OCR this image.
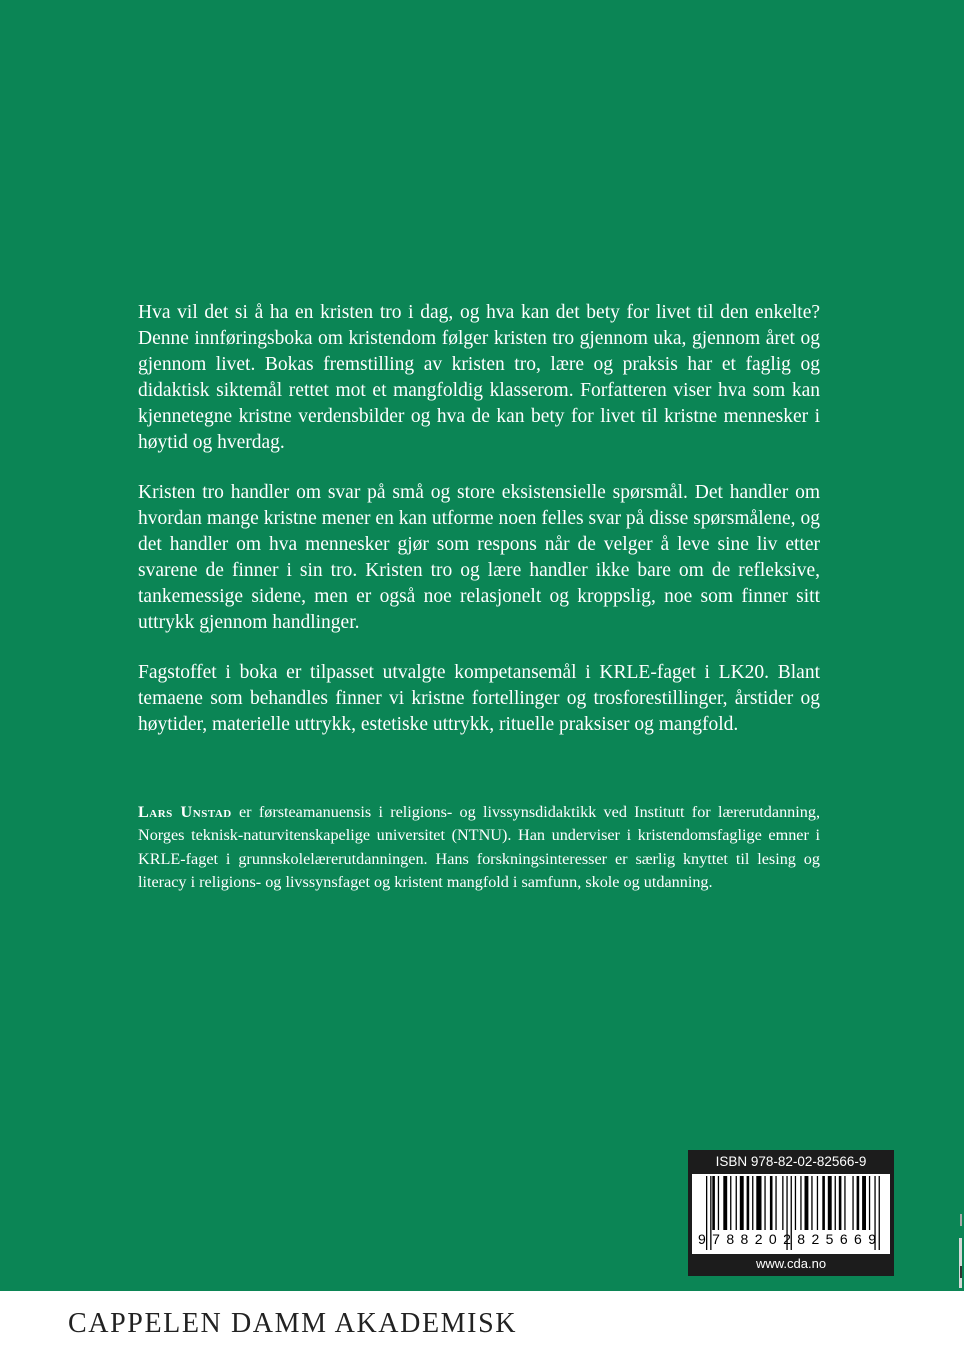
Hva vil det si å ha en kristen tro i dag, og hva kan det bety for livet til den enkelte? Denne innføringsboka om kristendom følger kristen tro gjennom uka, gjennom året og gjennom livet. Bokas fremstilling av kristen tro, lære og praksis har et faglig og didaktisk siktemål rettet mot et mangfoldig klasserom. Forfatteren viser hva som kan kjennetegne kristne verdensbilder og hva de kan bety for livet til kristne mennesker i høytid og hverdag.

Kristen tro handler om svar på små og store eksistensielle spørsmål. Det handler om hvordan mange kristne mener en kan utforme noen felles svar på disse spørsmålene, og det handler om hva mennesker gjør som respons når de velger å leve sine liv etter svarene de finner i sin tro. Kristen tro og lære handler ikke bare om de refleksive, tankemessige sidene, men er også noe relasjonelt og kroppslig, noe som finner sitt uttrykk gjennom handlinger.

Fagstoffet i boka er tilpasset utvalgte kompetansemål i KRLE-faget i LK20. Blant temaene som behandles finner vi kristne fortellinger og trosforestillinger, årstider og høytider, materielle uttrykk, estetiske uttrykk, rituelle praksiser og mangfold.

Lars Unstad er førsteamanuensis i religions- og livssynsdidaktikk ved Institutt for lærerutdanning, Norges teknisk-naturvitenskapelige universitet (NTNU). Han underviser i kristendomsfaglige emner i KRLE-faget i grunnskolelærerutdanningen. Hans forskningsinteresser er særlig knyttet til lesing og literacy i religions- og livssynsfaget og kristent mangfold i samfunn, skole og utdanning.
ISBN 978-82-02-82566-9
9788202825669
www.cda.no
CAPPELEN DAMM AKADEMISK
